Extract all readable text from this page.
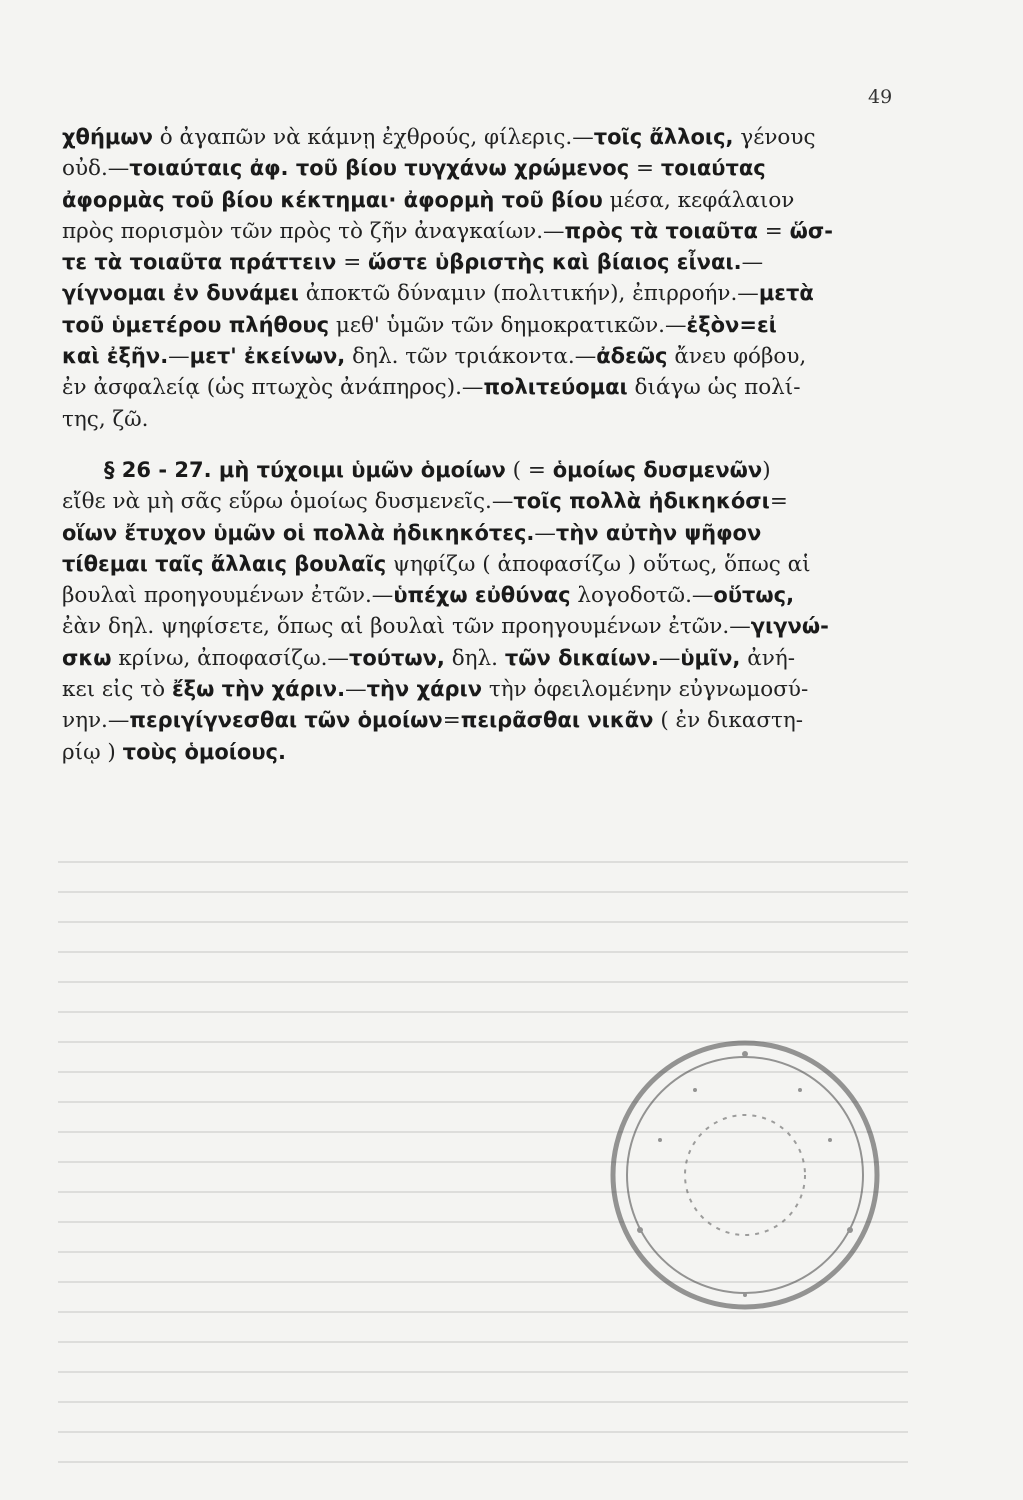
49
χθήμων ὁ ἀγαπῶν νὰ κάμνῃ ἐχθρούς, φίλερις.—τοῖς ἄλλοις, γένους
οὐδ.—τοιαύταις ἀφ. τοῦ βίου τυγχάνω χρώμενος = τοιαύτας
ἀφορμὰς τοῦ βίου κέκτημαι· ἀφορμὴ τοῦ βίου μέσα, κεφάλαιον
πρὸς πορισμὸν τῶν πρὸς τὸ ζῆν ἀναγκαίων.—πρὸς τὰ τοιαῦτα = ὥσ-
τε τὰ τοιαῦτα πράττειν = ὥστε ὑβριστὴς καὶ βίαιος εἶναι.—
γίγνομαι ἐν δυνάμει ἀποκτῶ δύναμιν (πολιτικήν), ἐπιρροήν.—μετὰ
τοῦ ὑμετέρου πλήθους μεθ' ὑμῶν τῶν δημοκρατικῶν.—ἐξὸν=εἰ
καὶ ἐξῆν.—μετ' ἐκείνων, δηλ. τῶν τριάκοντα.—ἀδεῶς ἄνευ φόβου,
ἐν ἀσφαλείᾳ (ὡς πτωχὸς ἀνάπηρος).—πολιτεύομαι διάγω ὡς πολί-
της, ζῶ.
§ 26 - 27. μὴ τύχοιμι ὑμῶν ὁμοίων ( = ὁμοίως δυσμενῶν)
εἴθε νὰ μὴ σᾶς εὕρω ὁμοίως δυσμενεῖς.—τοῖς πολλὰ ἠδικηκόσι=
οἵων ἔτυχον ὑμῶν οἱ πολλὰ ἠδικηκότες.—τὴν αὐτὴν ψῆφον
τίθεμαι ταῖς ἄλλαις βουλαῖς ψηφίζω ( ἀποφασίζω ) οὕτως, ὅπως αἱ
βουλαὶ προηγουμένων ἐτῶν.—ὑπέχω εὐθύνας λογοδοτῶ.—οὕτως,
ἐὰν δηλ. ψηφίσετε, ὅπως αἱ βουλαὶ τῶν προηγουμένων ἐτῶν.—γιγνώ-
σκω κρίνω, ἀποφασίζω.—τούτων, δηλ. τῶν δικαίων.—ὑμῖν, ἀνή-
κει εἰς τὸ ἔξω τὴν χάριν.—τὴν χάριν τὴν ὀφειλομένην εὐγνωμοσύ-
νην.—περιγίγνεσθαι τῶν ὁμοίων=πειρᾶσθαι νικᾶν ( ἐν δικαστη-
ρίῳ ) τοὺς ὁμοίους.
